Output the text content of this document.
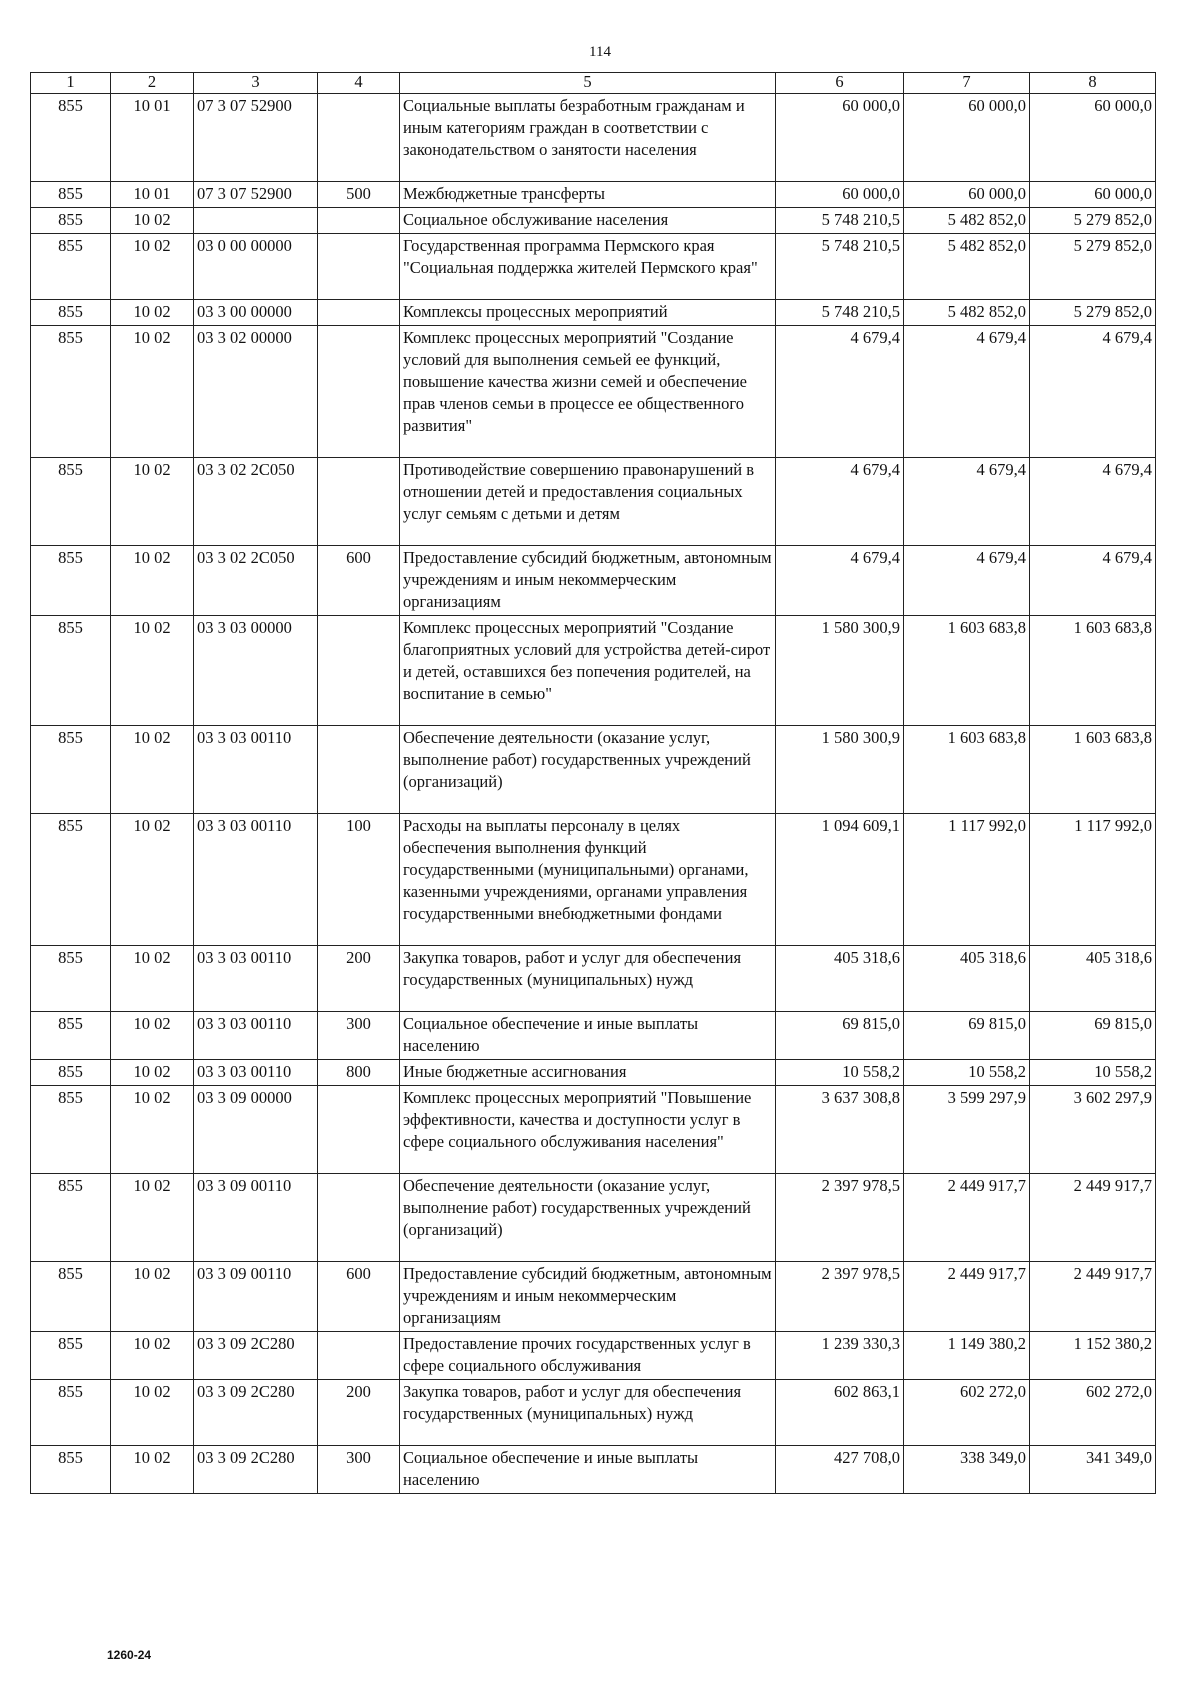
114
1	2	3	4	5	6	7	8
855	10 01	07 3 07 52900		Социальные выплаты безработным гражданам и иным категориям граждан в соответствии с законодательством о занятости населения	60 000,0	60 000,0	60 000,0
855	10 01	07 3 07 52900	500	Межбюджетные трансферты	60 000,0	60 000,0	60 000,0
855	10 02			Социальное обслуживание населения	5 748 210,5	5 482 852,0	5 279 852,0
855	10 02	03 0 00 00000		Государственная программа Пермского края "Социальная поддержка жителей Пермского края"	5 748 210,5	5 482 852,0	5 279 852,0
855	10 02	03 3 00 00000		Комплексы процессных мероприятий	5 748 210,5	5 482 852,0	5 279 852,0
855	10 02	03 3 02 00000		Комплекс процессных мероприятий "Создание условий для выполнения семьей ее функций, повышение качества жизни семей и обеспечение прав членов семьи в процессе ее общественного развития"	4 679,4	4 679,4	4 679,4
855	10 02	03 3 02 2С050		Противодействие совершению правонарушений в отношении детей и предоставления социальных услуг семьям с детьми и детям	4 679,4	4 679,4	4 679,4
855	10 02	03 3 02 2С050	600	Предоставление субсидий бюджетным, автономным учреждениям и иным некоммерческим организациям	4 679,4	4 679,4	4 679,4
855	10 02	03 3 03 00000		Комплекс процессных мероприятий "Создание благоприятных условий для устройства детей-сирот и детей, оставшихся без попечения родителей, на воспитание в семью"	1 580 300,9	1 603 683,8	1 603 683,8
855	10 02	03 3 03 00110		Обеспечение деятельности (оказание услуг, выполнение работ) государственных учреждений (организаций)	1 580 300,9	1 603 683,8	1 603 683,8
855	10 02	03 3 03 00110	100	Расходы на выплаты персоналу в целях обеспечения выполнения функций государственными (муниципальными) органами, казенными учреждениями, органами управления государственными внебюджетными фондами	1 094 609,1	1 117 992,0	1 117 992,0
855	10 02	03 3 03 00110	200	Закупка товаров, работ и услуг для обеспечения государственных (муниципальных) нужд	405 318,6	405 318,6	405 318,6
855	10 02	03 3 03 00110	300	Социальное обеспечение и иные выплаты населению	69 815,0	69 815,0	69 815,0
855	10 02	03 3 03 00110	800	Иные бюджетные ассигнования	10 558,2	10 558,2	10 558,2
855	10 02	03 3 09 00000		Комплекс процессных мероприятий "Повышение эффективности, качества и доступности услуг в сфере социального обслуживания населения"	3 637 308,8	3 599 297,9	3 602 297,9
855	10 02	03 3 09 00110		Обеспечение деятельности (оказание услуг, выполнение работ) государственных учреждений (организаций)	2 397 978,5	2 449 917,7	2 449 917,7
855	10 02	03 3 09 00110	600	Предоставление субсидий бюджетным, автономным учреждениям и иным некоммерческим организациям	2 397 978,5	2 449 917,7	2 449 917,7
855	10 02	03 3 09 2С280		Предоставление прочих государственных услуг в сфере социального обслуживания	1 239 330,3	1 149 380,2	1 152 380,2
855	10 02	03 3 09 2С280	200	Закупка товаров, работ и услуг для обеспечения государственных (муниципальных) нужд	602 863,1	602 272,0	602 272,0
855	10 02	03 3 09 2С280	300	Социальное обеспечение и иные выплаты населению	427 708,0	338 349,0	341 349,0
1260-24
